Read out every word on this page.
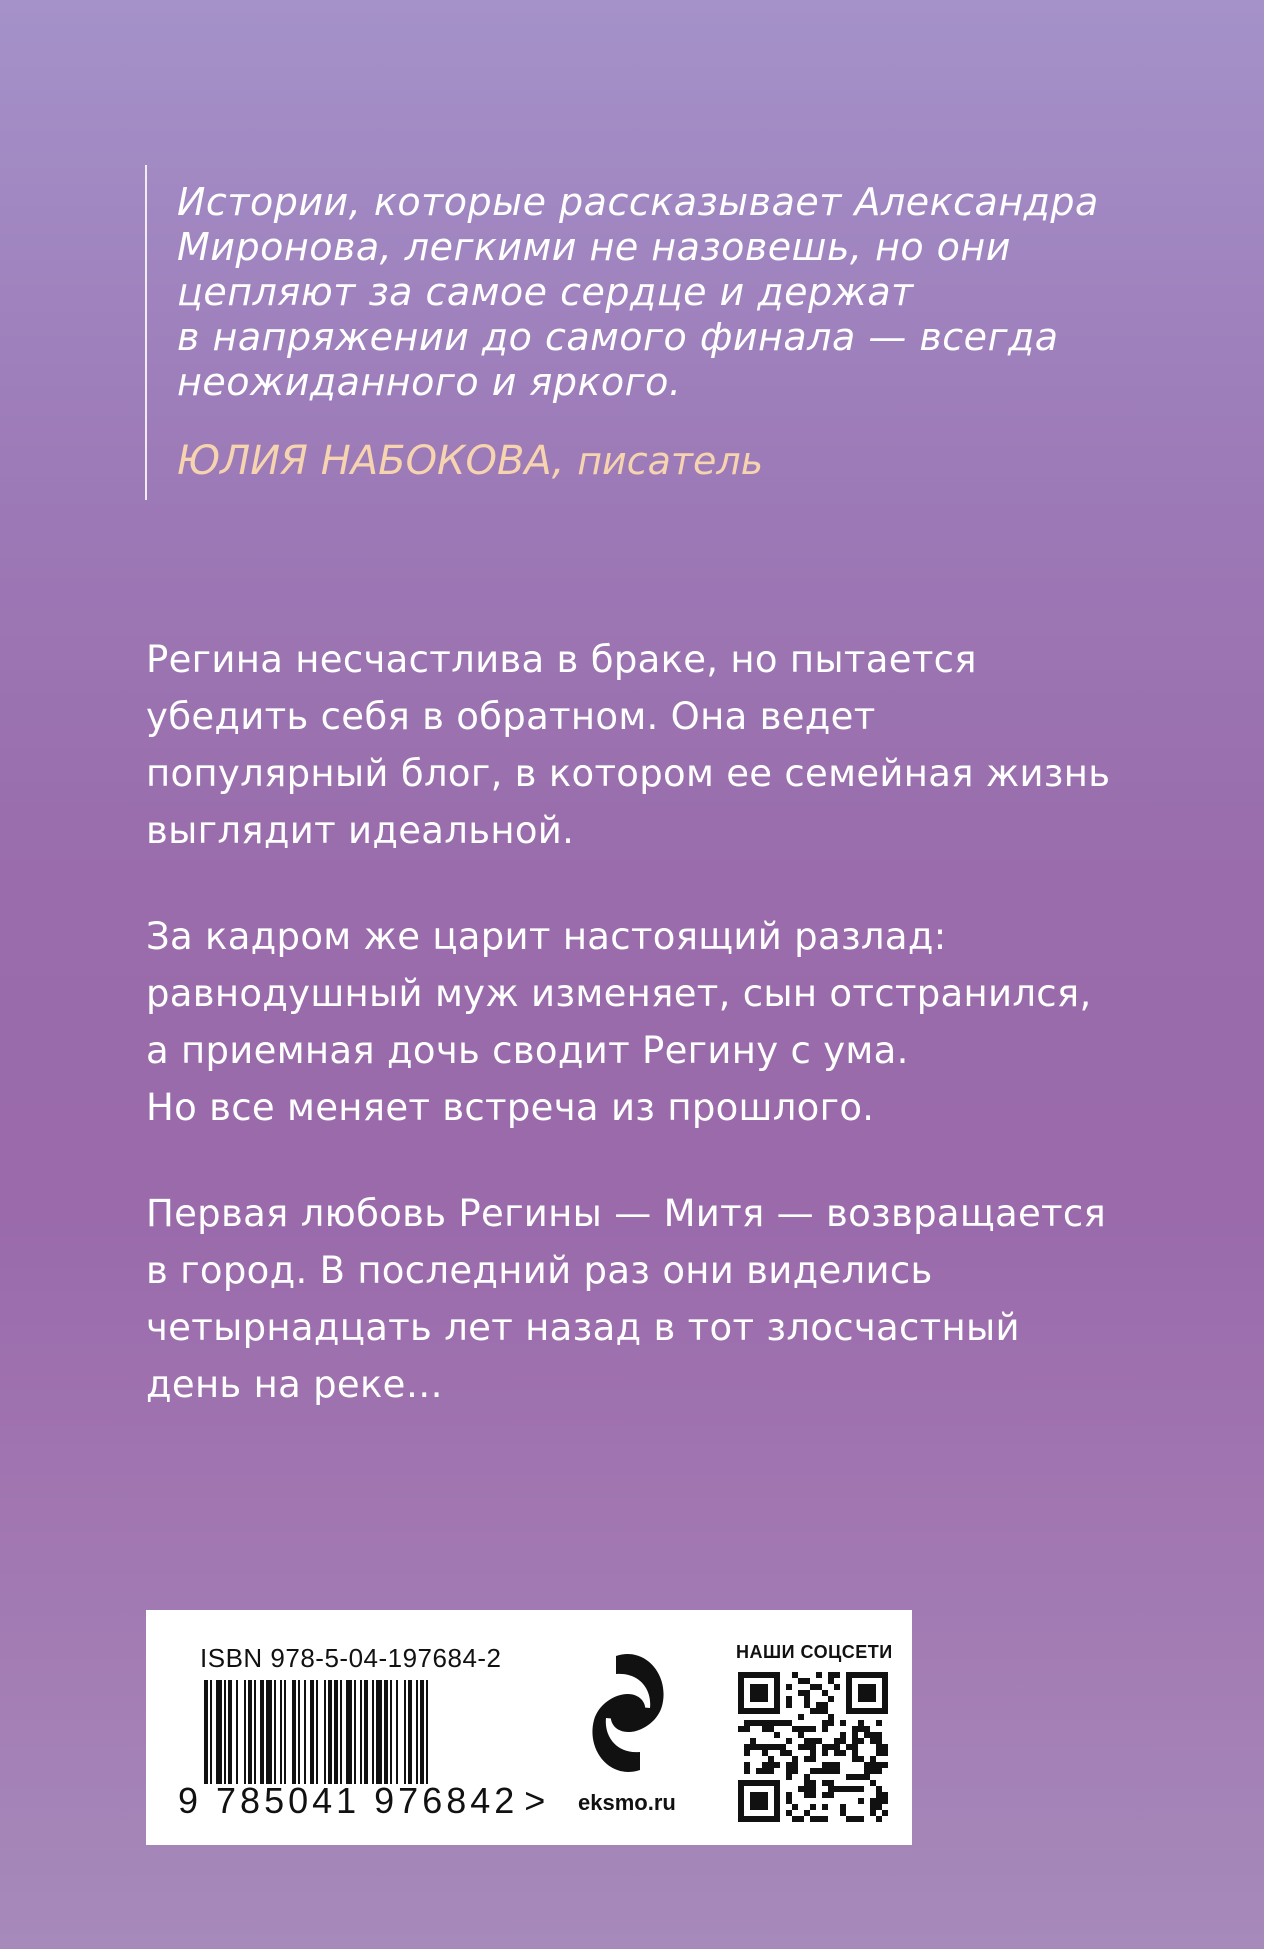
Истории, которые рассказывает Александра
Миронова, легкими не назовешь, но они
цепляют за самое сердце и держат
в напряжении до самого финала — всегда
неожиданного и яркого.

ЮЛИЯ НАБОКОВА, писатель

Регина несчастлива в браке, но пытается
убедить себя в обратном. Она ведет
популярный блог, в котором ее семейная жизнь
выглядит идеальной.

За кадром же царит настоящий разлад:
равнодушный муж изменяет, сын отстранился,
а приемная дочь сводит Регину с ума.
Но все меняет встреча из прошлого.

Первая любовь Регины — Митя — возвращается
в город. В последний раз они виделись
четырнадцать лет назад в тот злосчастный
день на реке…

ISBN 978-5-04-197684-2
9 785041 976842 > eksmo.ru
НАШИ СОЦСЕТИ
